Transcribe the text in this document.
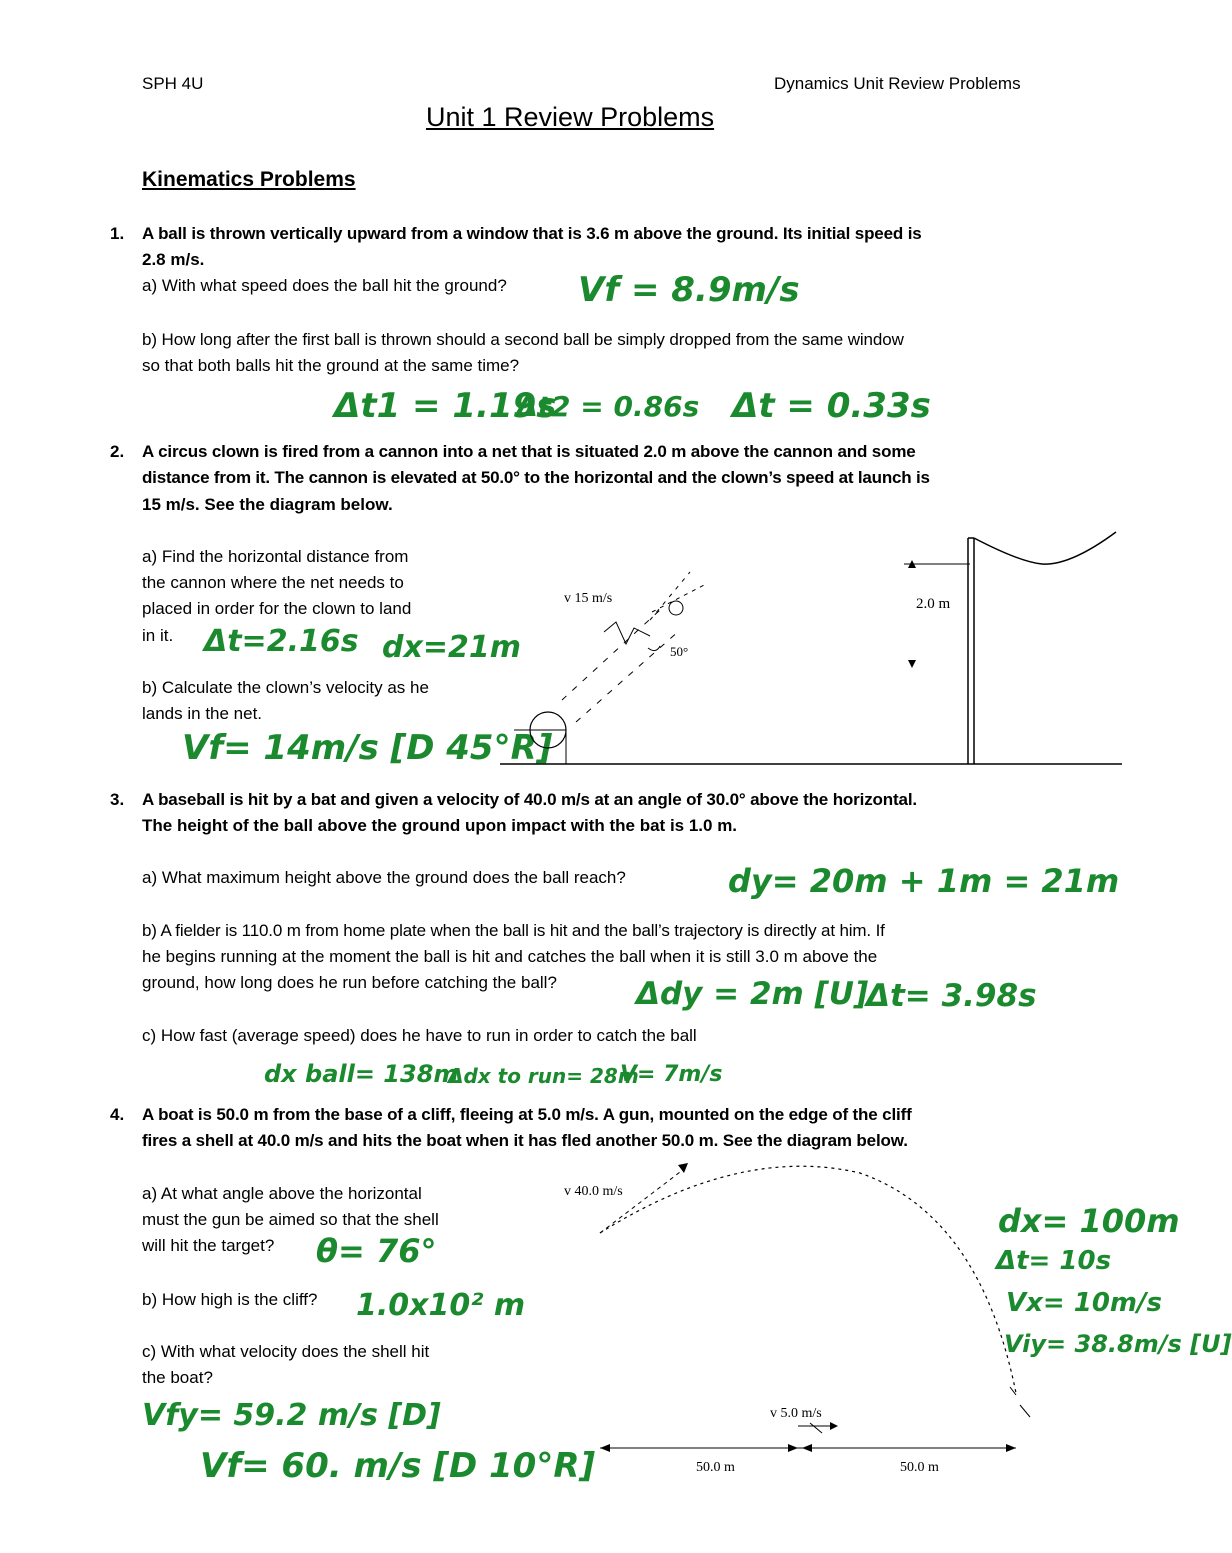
SPH 4U	Dynamics Unit Review Problems
Unit 1 Review Problems
Kinematics Problems
1. A ball is thrown vertically upward from a window that is 3.6 m above the ground. Its initial speed is
2.8 m/s.
a) With what speed does the ball hit the ground? Vf = 8.9m/s
b) How long after the first ball is thrown should a second ball be simply dropped from the same window
so that both balls hit the ground at the same time?
Δt1 = 1.19s
Δt2 = 0.86s Δt = 0.33s
2. A circus clown is fired from a cannon into a net that is situated 2.0 m above the cannon and some
distance from it. The cannon is elevated at 50.0° to the horizontal and the clown’s speed at launch is
15 m/s. See the diagram below.
a) Find the horizontal distance from
the cannon where the net needs to
placed in order for the clown to land
in it. Δt=2.16s dx=21m
b) Calculate the clown’s velocity as he
lands in the net.
Vf= 14m/s [D 45°R]
v 15 m/s
50°
2.0 m
3. A baseball is hit by a bat and given a velocity of 40.0 m/s at an angle of 30.0° above the horizontal.
The height of the ball above the ground upon impact with the bat is 1.0 m.
a) What maximum height above the ground does the ball reach?	dy= 20m + 1m = 21m
b) A fielder is 110.0 m from home plate when the ball is hit and the ball’s trajectory is directly at him. If
he begins running at the moment the ball is hit and catches the ball when it is still 3.0 m above the
ground, how long does he run before catching the ball?	Δdy = 2m [U]
Δt= 3.98s
c) How fast (average speed) does he have to run in order to catch the ball
dx ball= 138m
Δdx to run= 28m
V= 7m/s
4. A boat is 50.0 m from the base of a cliff, fleeing at 5.0 m/s. A gun, mounted on the edge of the cliff
fires a shell at 40.0 m/s and hits the boat when it has fled another 50.0 m. See the diagram below.
a) At what angle above the horizontal
must the gun be aimed so that the shell
will hit the target? θ= 76°
b) How high is the cliff? 1.0x10² m
c) With what velocity does the shell hit
the boat?
Vfy= 59.2 m/s [D]
Vf= 60. m/s [D 10°R]
dx= 100m
Δt= 10s
Vx= 10m/s
Viy= 38.8m/s [U]
v 40.0 m/s
v 5.0 m/s
50.0 m	50.0 m
